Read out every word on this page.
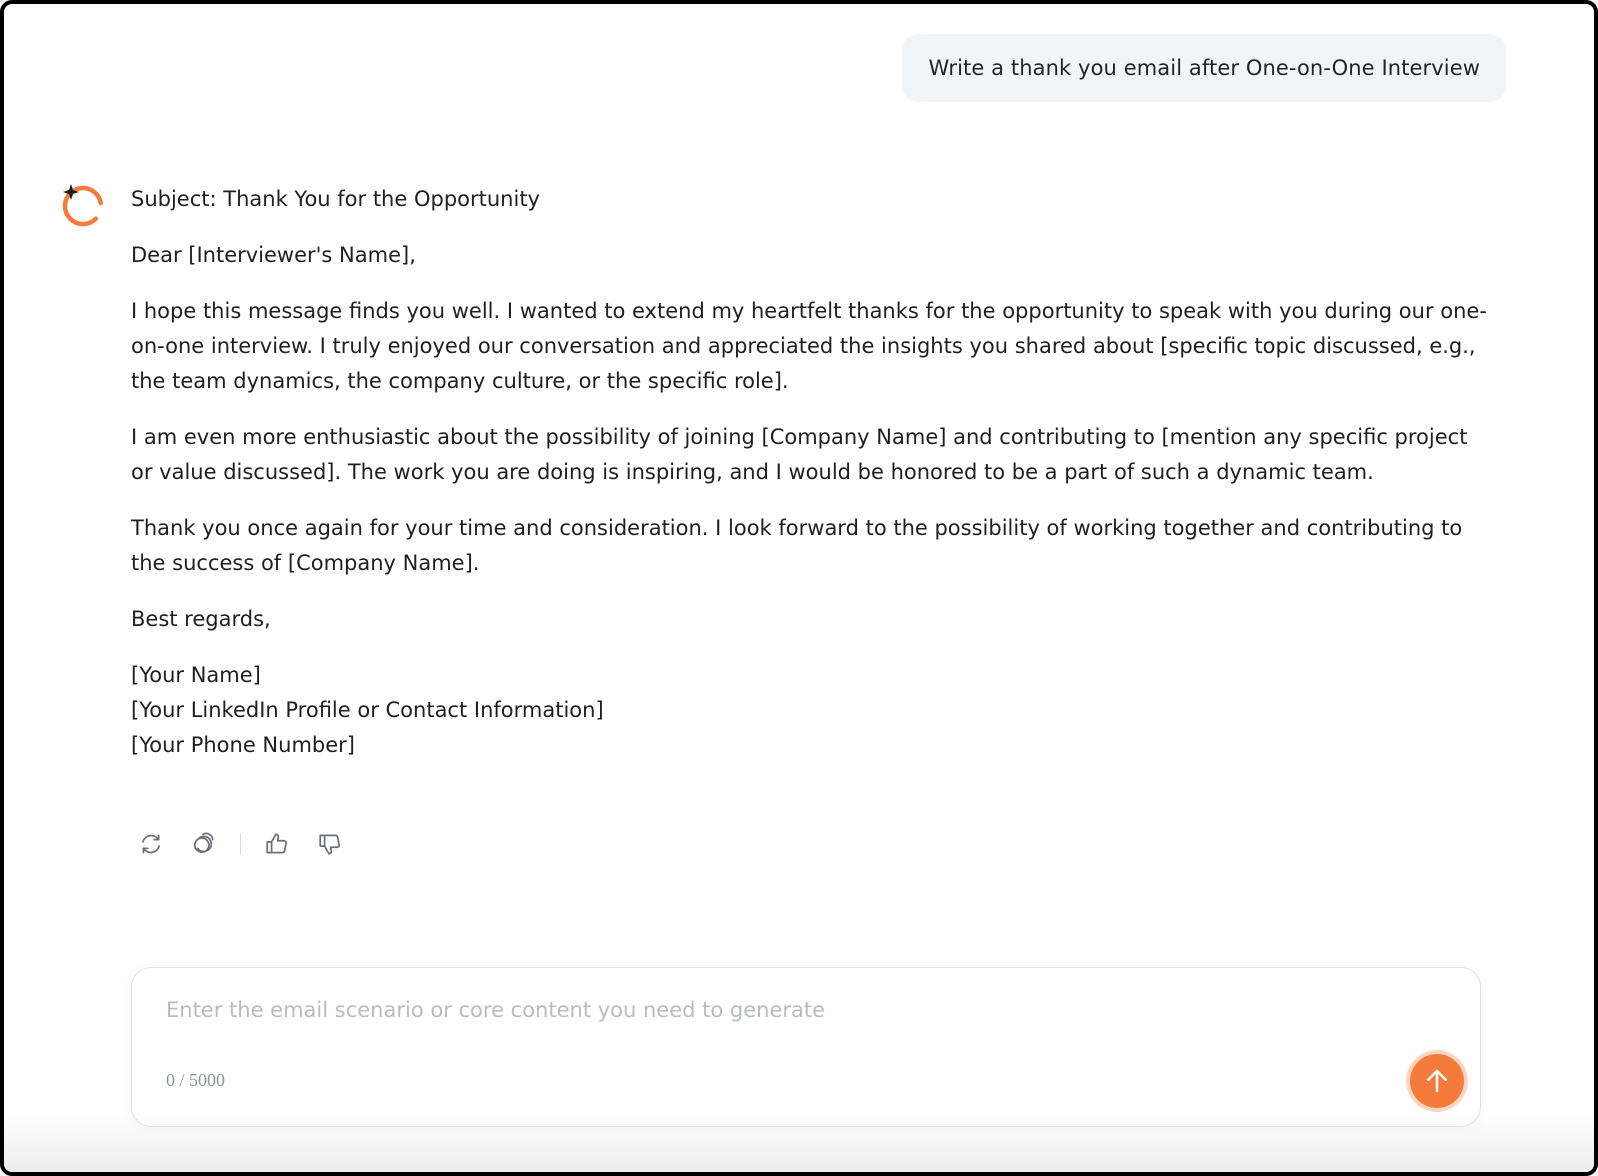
Write a thank you email after One-on-One Interview

Subject: Thank You for the Opportunity

Dear [Interviewer's Name],

I hope this message finds you well. I wanted to extend my heartfelt thanks for the opportunity to speak with you during our one-on-one interview. I truly enjoyed our conversation and appreciated the insights you shared about [specific topic discussed, e.g., the team dynamics, the company culture, or the specific role].

I am even more enthusiastic about the possibility of joining [Company Name] and contributing to [mention any specific project or value discussed]. The work you are doing is inspiring, and I would be honored to be a part of such a dynamic team.

Thank you once again for your time and consideration. I look forward to the possibility of working together and contributing to the success of [Company Name].

Best regards,

[Your Name]

[Your LinkedIn Profile or Contact Information]

[Your Phone Number]

Enter the email scenario or core content you need to generate
0 / 5000
